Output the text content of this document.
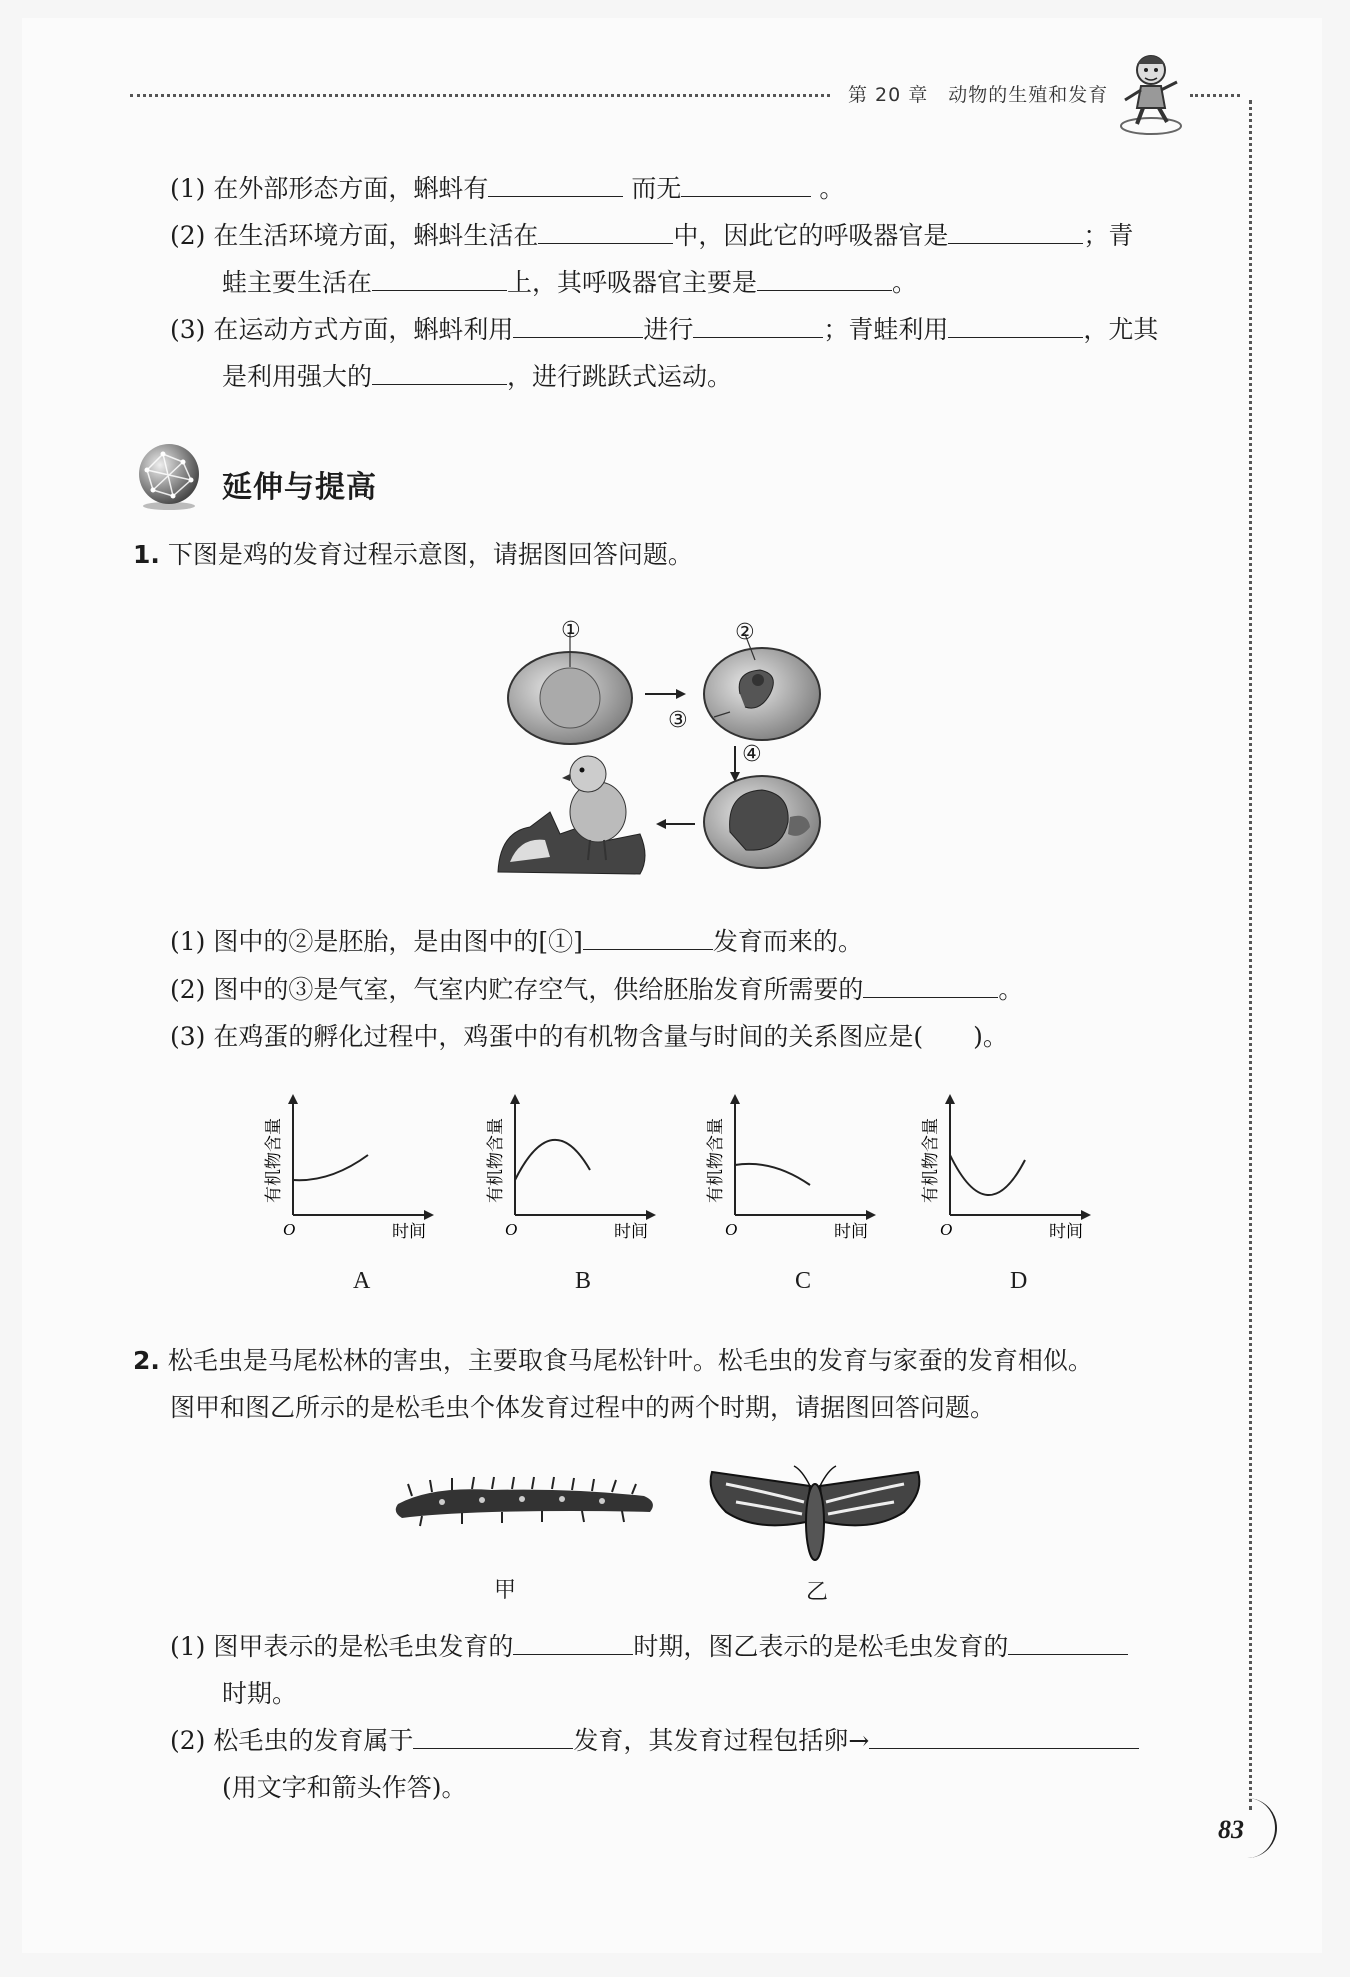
第 20 章　动物的生殖和发育
(1) 在外部形态方面，蝌蚪有	而无	。
(2) 在生活环境方面，蝌蚪生活在	中，因此它的呼吸器官是	；青
蛙主要生活在	上，其呼吸器官主要是	。
(3) 在运动方式方面，蝌蚪利用	进行	；青蛙利用	，尤其
是利用强大的	，进行跳跃式运动。
延伸与提高
1. 下图是鸡的发育过程示意图，请据图回答问题。
①	②
③
④
(1) 图中的②是胚胎，是由图中的[①]	发育而来的。
(2) 图中的③是气室，气室内贮存空气，供给胚胎发育所需要的	。
(3) 在鸡蛋的孵化过程中，鸡蛋中的有机物含量与时间的关系图应是(　　)。
O	时间
有机物含量
A
O	时间
有机物含量
B
O	时间
有机物含量
C
O	时间
有机物含量
D
2. 松毛虫是马尾松林的害虫，主要取食马尾松针叶。松毛虫的发育与家蚕的发育相似。
图甲和图乙所示的是松毛虫个体发育过程中的两个时期，请据图回答问题。
甲	乙
(1) 图甲表示的是松毛虫发育的	时期，图乙表示的是松毛虫发育的
时期。
(2) 松毛虫的发育属于	发育，其发育过程包括卵→
(用文字和箭头作答)。
83
